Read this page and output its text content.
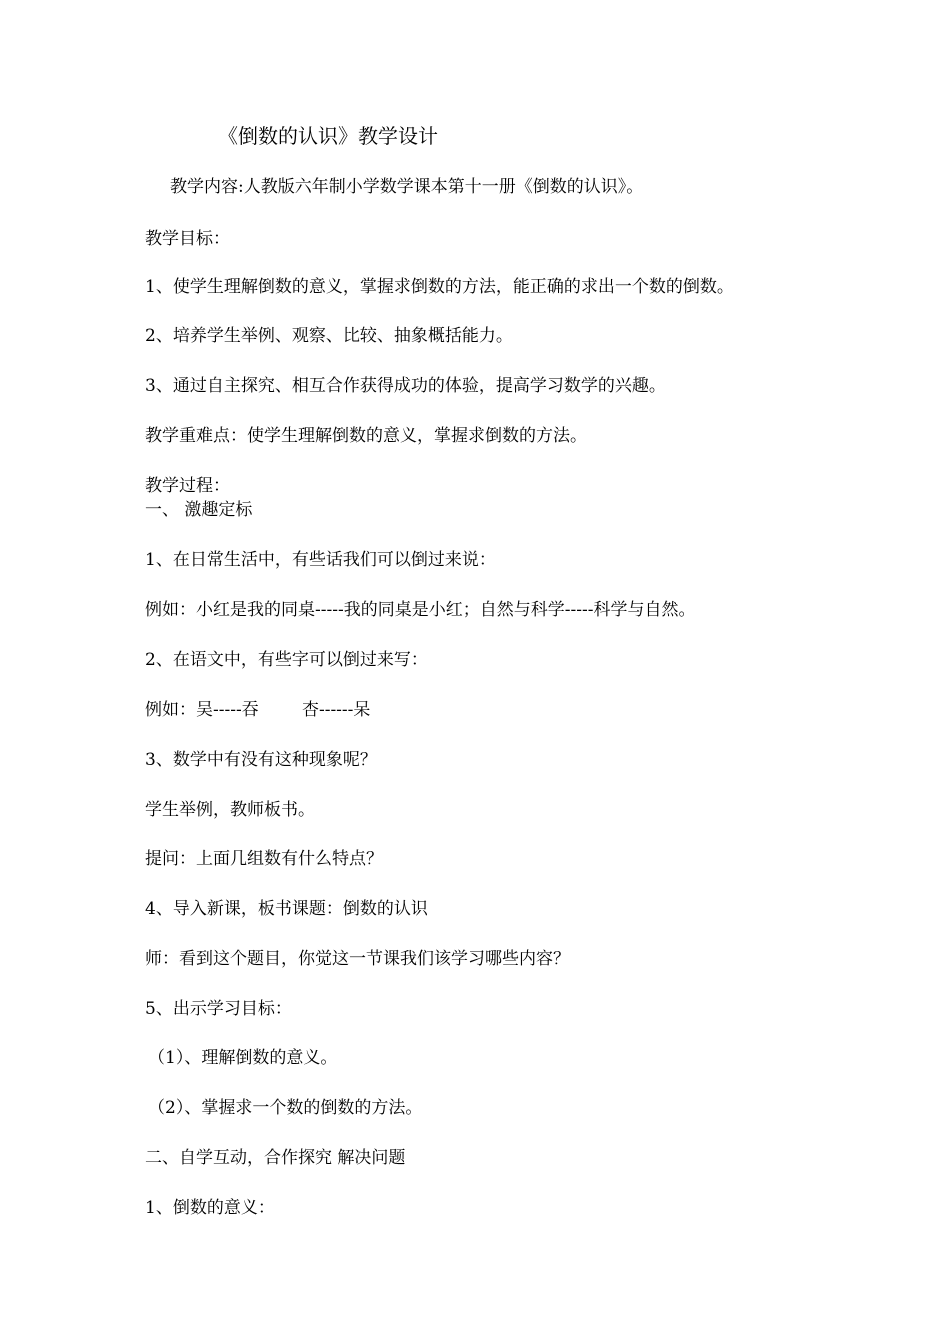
《倒数的认识》教学设计
教学内容:人教版六年制小学数学课本第十一册《倒数的认识》。
教学目标：
1、使学生理解倒数的意义，掌握求倒数的方法，能正确的求出一个数的倒数。
2、培养学生举例、观察、比较、抽象概括能力。
3、通过自主探究、相互合作获得成功的体验，提高学习数学的兴趣。
教学重难点：使学生理解倒数的意义，掌握求倒数的方法。
教学过程：
一、 激趣定标
1、在日常生活中，有些话我们可以倒过来说：
例如：小红是我的同桌-----我的同桌是小红；自然与科学-----科学与自然。
2、在语文中，有些字可以倒过来写：
例如：吴-----吞        杏------呆
3、数学中有没有这种现象呢？
学生举例，教师板书。
提问：上面几组数有什么特点？
4、导入新课，板书课题：倒数的认识
师：看到这个题目，你觉这一节课我们该学习哪些内容？
5、出示学习目标：
（1）、理解倒数的意义。
（2）、掌握求一个数的倒数的方法。
二、自学互动，合作探究 解决问题
1、倒数的意义：
